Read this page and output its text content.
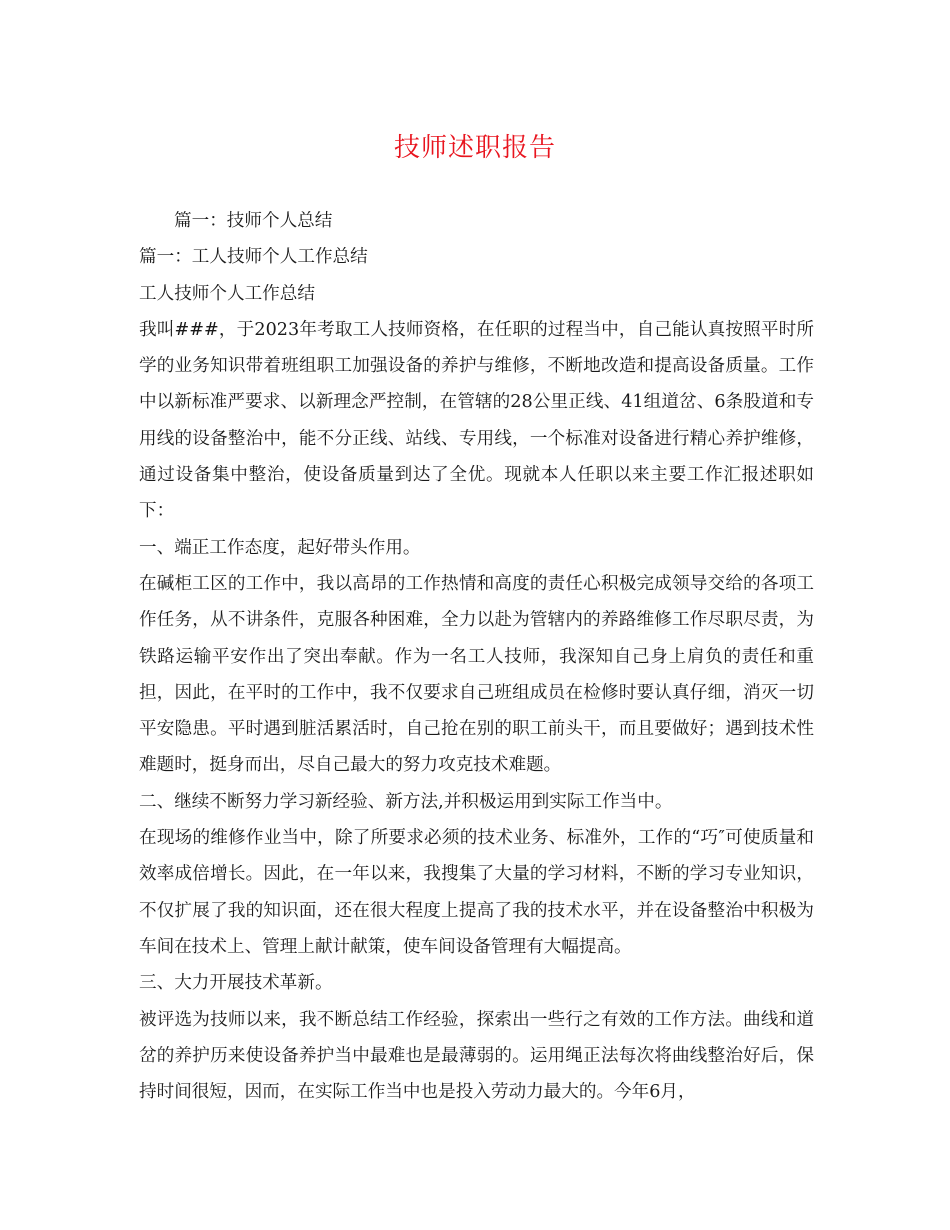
技师述职报告

篇一：技师个人总结

篇一：工人技师个人工作总结

工人技师个人工作总结

我叫###，于2023年考取工人技师资格，在任职的过程当中，自己能认真按照平时所学的业务知识带着班组职工加强设备的养护与维修，不断地改造和提高设备质量。工作中以新标准严要求、以新理念严控制，在管辖的28公里正线、41组道岔、6条股道和专用线的设备整治中，能不分正线、站线、专用线，一个标准对设备进行精心养护维修，通过设备集中整治，使设备质量到达了全优。现就本人任职以来主要工作汇报述职如下：

一、端正工作态度，起好带头作用。

在碱柜工区的工作中，我以高昂的工作热情和高度的责任心积极完成领导交给的各项工作任务，从不讲条件，克服各种困难，全力以赴为管辖内的养路维修工作尽职尽责，为铁路运输平安作出了突出奉献。作为一名工人技师，我深知自己身上肩负的责任和重担，因此，在平时的工作中，我不仅要求自己班组成员在检修时要认真仔细，消灭一切平安隐患。平时遇到脏活累活时，自己抢在别的职工前头干，而且要做好；遇到技术性难题时，挺身而出，尽自己最大的努力攻克技术难题。

二、继续不断努力学习新经验、新方法,并积极运用到实际工作当中。

在现场的维修作业当中，除了所要求必须的技术业务、标准外，工作的“巧″可使质量和效率成倍增长。因此，在一年以来，我搜集了大量的学习材料，不断的学习专业知识，不仅扩展了我的知识面，还在很大程度上提高了我的技术水平，并在设备整治中积极为车间在技术上、管理上献计献策，使车间设备管理有大幅提高。

三、大力开展技术革新。

被评选为技师以来，我不断总结工作经验，探索出一些行之有效的工作方法。曲线和道岔的养护历来使设备养护当中最难也是最薄弱的。运用绳正法每次将曲线整治好后，保持时间很短，因而，在实际工作当中也是投入劳动力最大的。今年6月，
